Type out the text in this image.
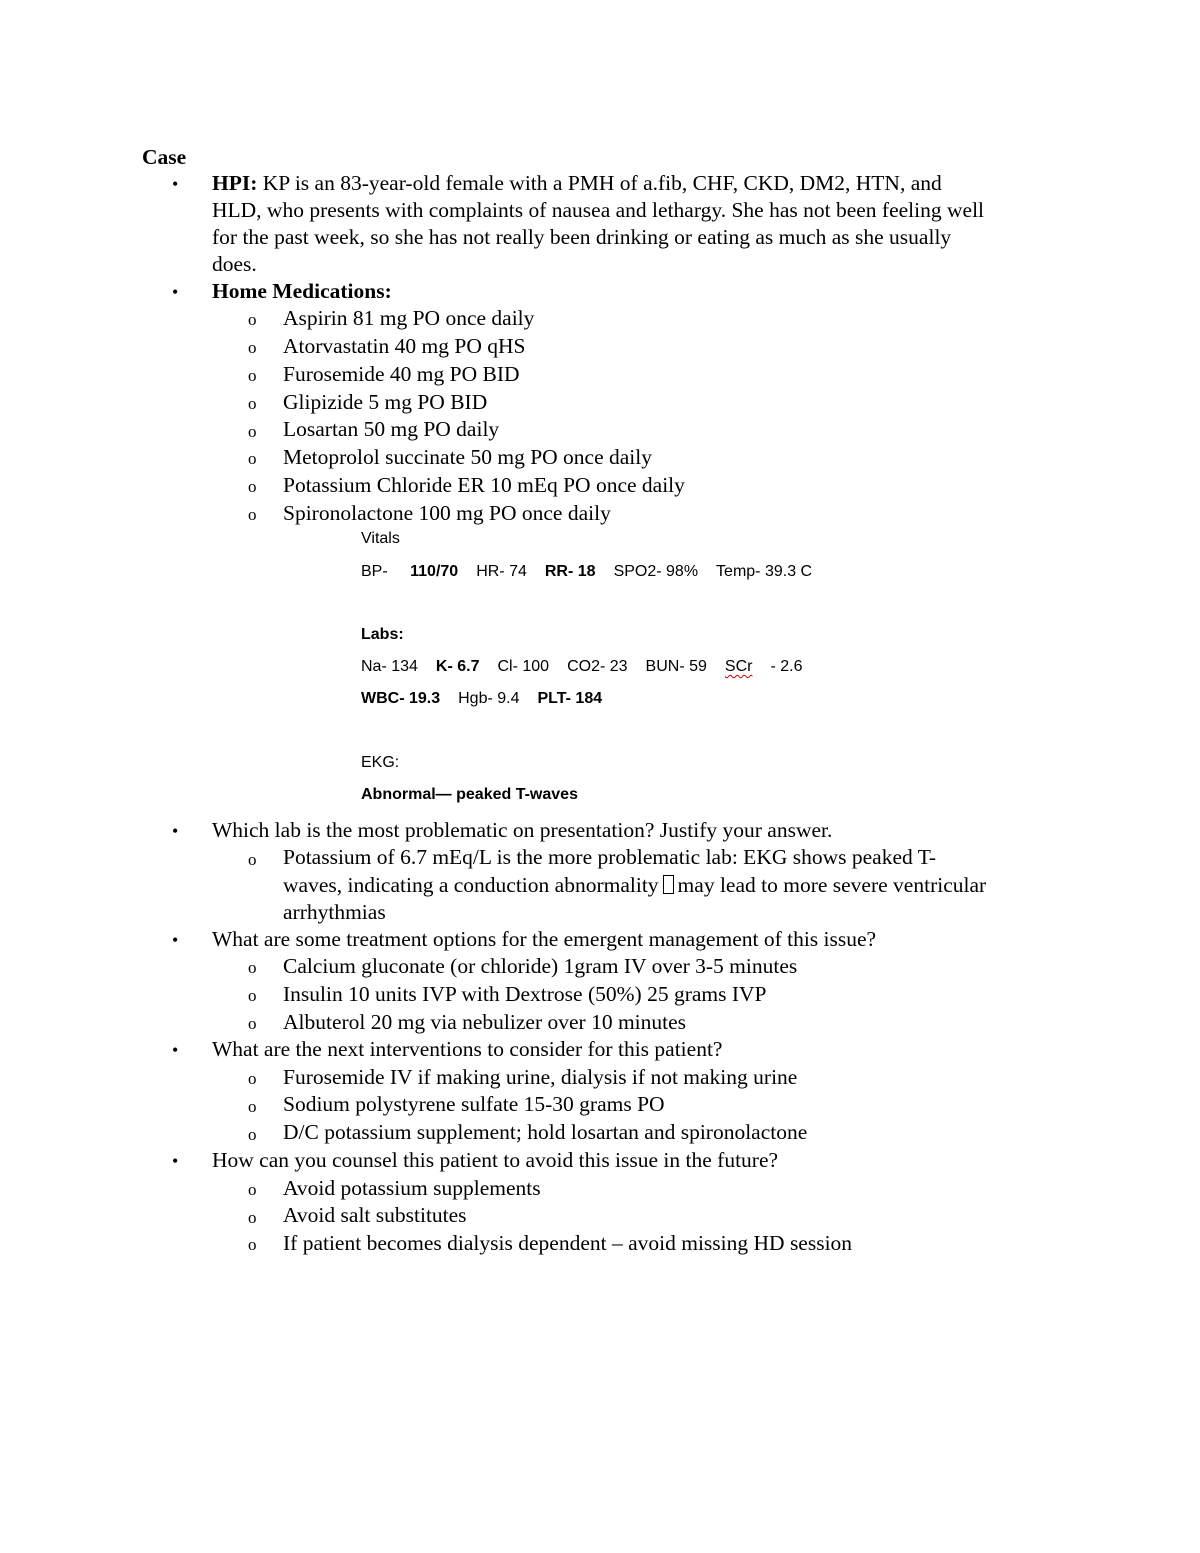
Case
•	HPI: KP is an 83-year-old female with a PMH of a.fib, CHF, CKD, DM2, HTN, and
HLD, who presents with complaints of nausea and lethargy. She has not been feeling well
for the past week, so she has not really been drinking or eating as much as she usually
does.
•	Home Medications:
o	Aspirin 81 mg PO once daily
o	Atorvastatin 40 mg PO qHS
o	Furosemide 40 mg PO BID
o	Glipizide 5 mg PO BID
o	Losartan 50 mg PO daily
o	Metoprolol succinate 50 mg PO once daily
o	Potassium Chloride ER 10 mEq PO once daily
o	Spironolactone 100 mg PO once daily
Vitals
BP- 110/70 HR- 74 RR- 18 SPO2- 98% Temp- 39.3 C
Labs:
Na- 134 K- 6.7 Cl- 100 CO2- 23 BUN- 59 SCr - 2.6
WBC- 19.3 Hgb- 9.4 PLT- 184
EKG:
Abnormal— peaked T-waves
•	Which lab is the most problematic on presentation? Justify your answer.
o	Potassium of 6.7 mEq/L is the more problematic lab: EKG shows peaked T-
waves, indicating a conduction abnormality may lead to more severe ventricular
arrhythmias
•	What are some treatment options for the emergent management of this issue?
o	Calcium gluconate (or chloride) 1gram IV over 3-5 minutes
o	Insulin 10 units IVP with Dextrose (50%) 25 grams IVP
o	Albuterol 20 mg via nebulizer over 10 minutes
•	What are the next interventions to consider for this patient?
o	Furosemide IV if making urine, dialysis if not making urine
o	Sodium polystyrene sulfate 15-30 grams PO
o	D/C potassium supplement; hold losartan and spironolactone
•	How can you counsel this patient to avoid this issue in the future?
o	Avoid potassium supplements
o	Avoid salt substitutes
o	If patient becomes dialysis dependent – avoid missing HD session
